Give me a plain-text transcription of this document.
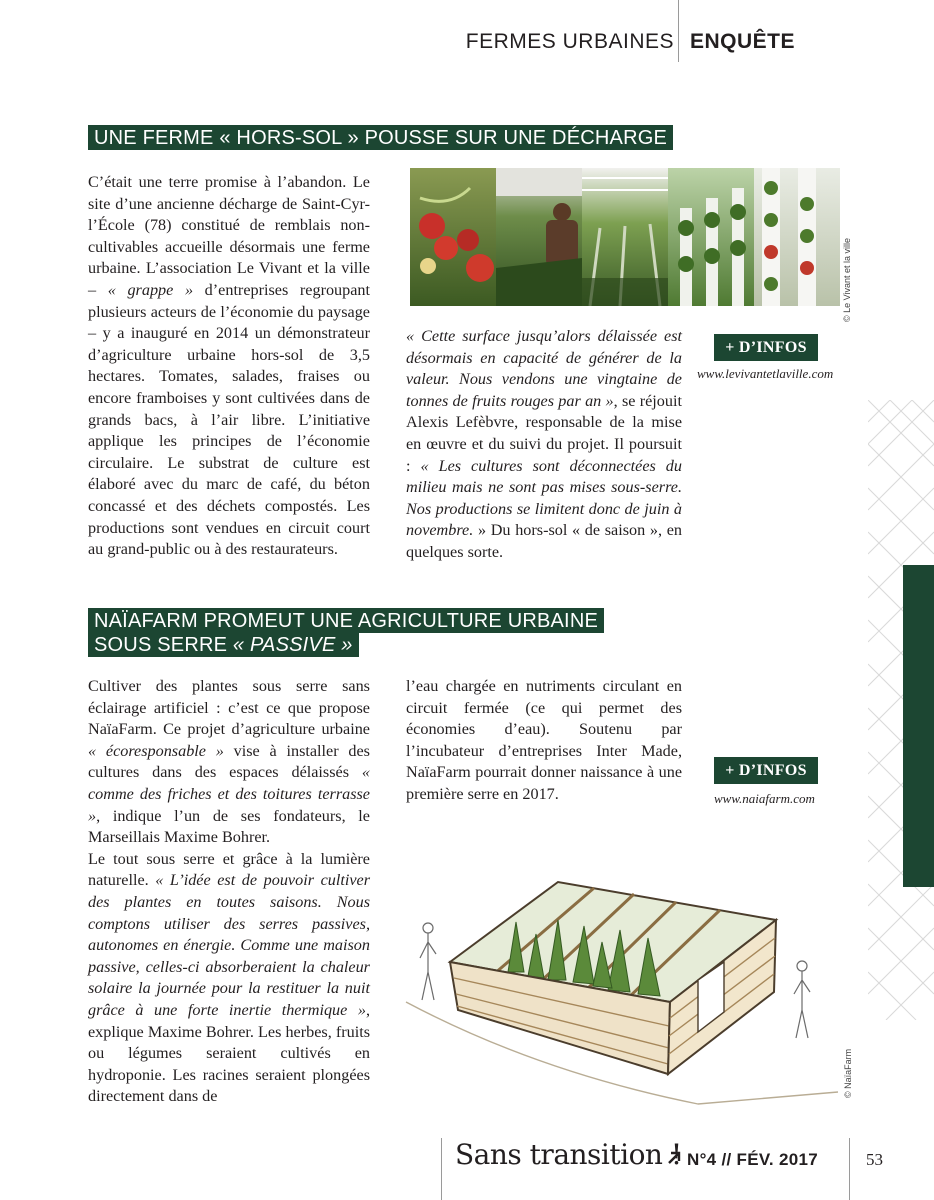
FERMES URBAINES ENQUÊTE
UNE FERME « HORS-SOL » POUSSE SUR UNE DÉCHARGE

C’était une terre promise à l’abandon. Le site d’une ancienne décharge de Saint-Cyr-l’École (78) constitué de remblais non-cultivables accueille désormais une ferme urbaine. L’association Le Vivant et la ville – « grappe » d’entreprises regroupant plusieurs acteurs de l’économie du paysage – y a inauguré en 2014 un démonstrateur d’agriculture urbaine hors-sol de 3,5 hectares. Tomates, salades, fraises ou encore framboises y sont cultivées dans de grands bacs, à l’air libre. L’initiative applique les principes de l’économie circulaire. Le substrat de culture est élaboré avec du marc de café, du béton concassé et des déchets compostés. Les productions sont vendues en circuit court au grand-public ou à des restaurateurs.

© Le Vivant et la ville

« Cette surface jusqu’alors délaissée est désormais en capacité de générer de la valeur. Nous vendons une vingtaine de tonnes de fruits rouges par an », se réjouit Alexis Lefèbvre, responsable de la mise en œuvre et du suivi du projet. Il poursuit : « Les cultures sont déconnectées du milieu mais ne sont pas mises sous-serre. Nos productions se limitent donc de juin à novembre. » Du hors-sol « de saison », en quelques sorte.

+ D’INFOS
www.levivantetlaville.com
NAÏAFARM PROMEUT UNE AGRICULTURE URBAINE
SOUS SERRE « PASSIVE »

Cultiver des plantes sous serre sans éclairage artificiel : c’est ce que propose NaïaFarm. Ce projet d’agriculture urbaine « écoresponsable » vise à installer des cultures dans des espaces délaissés « comme des friches et des toitures terrasse », indique l’un de ses fondateurs, le Marseillais Maxime Bohrer.
Le tout sous serre et grâce à la lumière naturelle. « L’idée est de pouvoir cultiver des plantes en toutes saisons. Nous comptons utiliser des serres passives, autonomes en énergie. Comme une maison passive, celles-ci absorberaient la chaleur solaire la journée pour la restituer la nuit grâce à une forte inertie thermique », explique Maxime Bohrer. Les herbes, fruits ou légumes seraient cultivés en hydroponie. Les racines seraient plongées directement dans de

l’eau chargée en nutriments circulant en circuit fermée (ce qui permet des économies d’eau). Soutenu par l’incubateur d’entreprises Inter Made, NaïaFarm pourrait donner naissance à une première serre en 2017.

+ D’INFOS
www.naiafarm.com
© NaïaFarm
Sans transition ! N°4 // FÉV. 2017	53
